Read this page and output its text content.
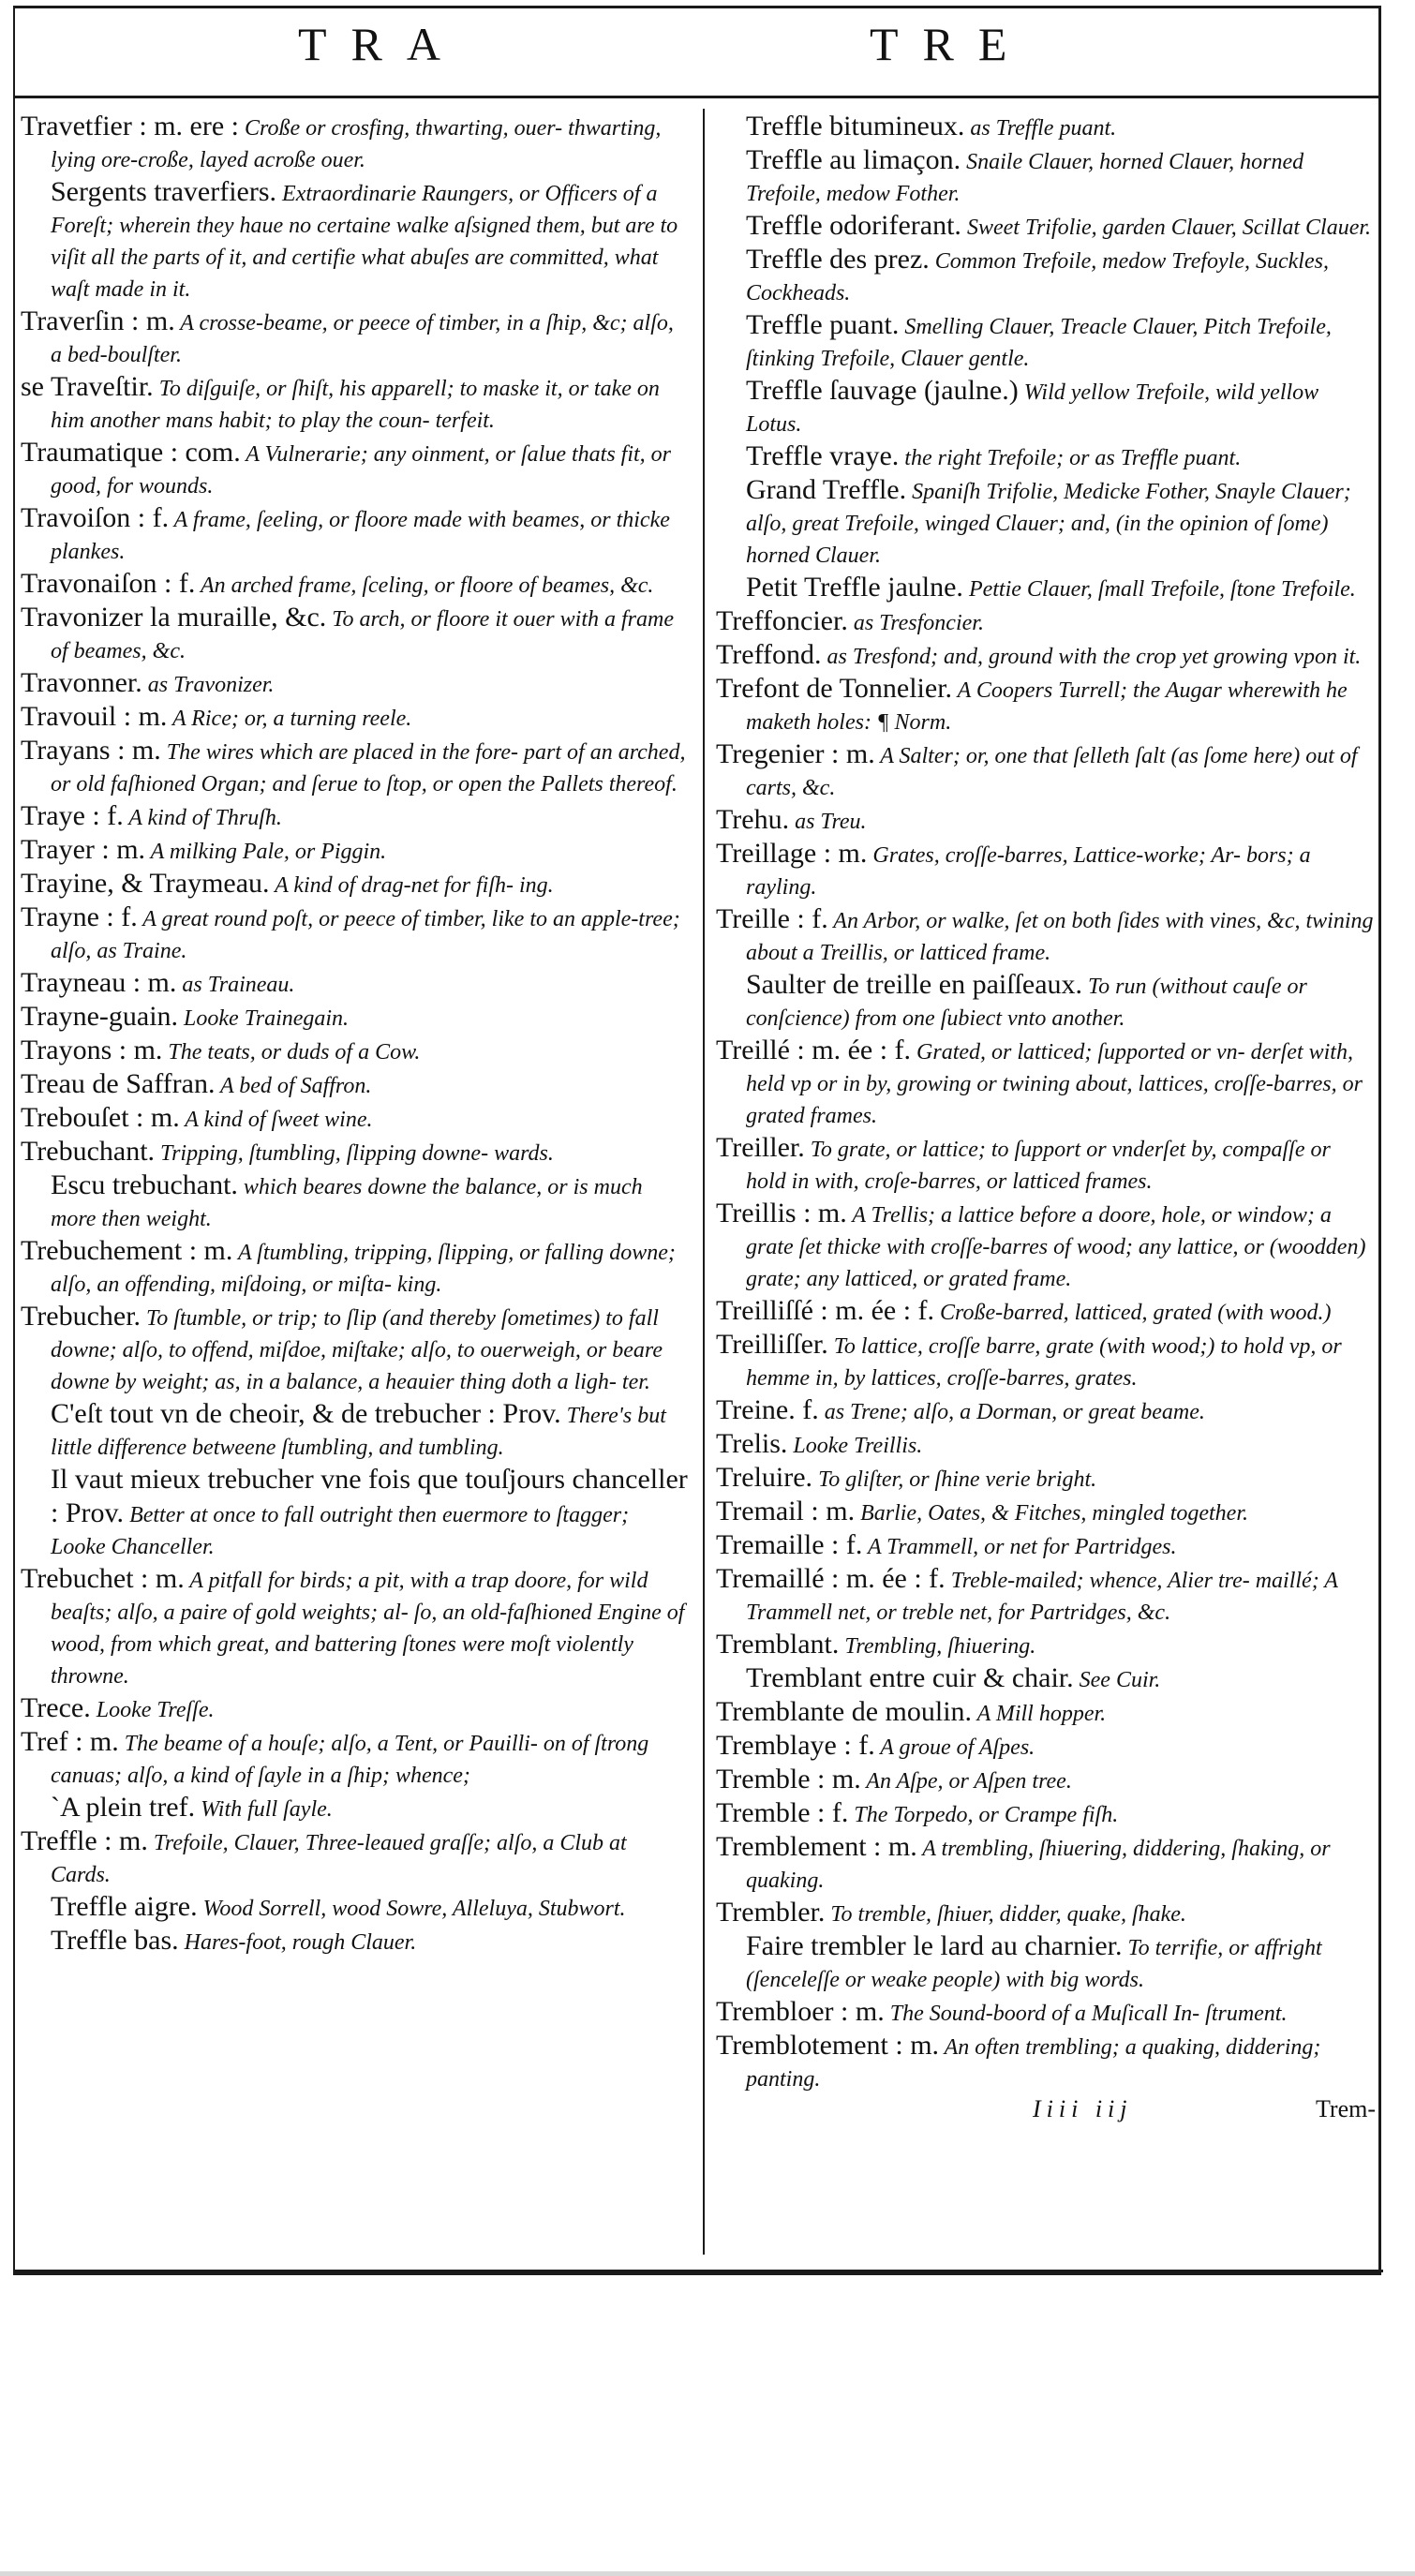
TRA	TRE

Travetfier : m. ere : Croße or crosfing, thwarting, ouer- thwarting, lying ore-croße, layed acroße ouer.

Sergents traverfiers. Extraordinarie Raungers, or Officers of a Foreſt; wherein they haue no certaine walke aſsigned them, but are to viſit all the parts of it, and certifie what abuſes are committed, what waſt made in it.

Traverſin : m. A crosse-beame, or peece of timber, in a ſhip, &c; alſo, a bed-boulſter.

se Traveſtir. To diſguiſe, or ſhiſt, his apparell; to maske it, or take on him another mans habit; to play the coun- terfeit.

Traumatique : com. A Vulnerarie; any oinment, or ſalue thats fit, or good, for wounds.

Travoiſon : f. A frame, ſeeling, or floore made with beames, or thicke plankes.

Travonaiſon : f. An arched frame, ſceling, or floore of beames, &c.

Travonizer la muraille, &c. To arch, or floore it ouer with a frame of beames, &c.

Travonner. as Travonizer.

Travouil : m. A Rice; or, a turning reele.

Trayans : m. The wires which are placed in the fore- part of an arched, or old faſhioned Organ; and ſerue to ſtop, or open the Pallets thereof.

Traye : f. A kind of Thruſh.

Trayer : m. A milking Pale, or Piggin.

Trayine, & Traymeau. A kind of drag-net for fiſh- ing.

Trayne : f. A great round poſt, or peece of timber, like to an apple-tree; alſo, as Traine.

Trayneau : m. as Traineau.

Trayne-guain. Looke Trainegain.

Trayons : m. The teats, or duds of a Cow.

Treau de Saffran. A bed of Saffron.

Trebouſet : m. A kind of ſweet wine.

Trebuchant. Tripping, ſtumbling, ſlipping downe- wards.

Escu trebuchant. which beares downe the balance, or is much more then weight.

Trebuchement : m. A ſtumbling, tripping, ſlipping, or falling downe; alſo, an offending, miſdoing, or miſta- king.

Trebucher. To ſtumble, or trip; to ſlip (and thereby ſometimes) to fall downe; alſo, to offend, miſdoe, miſtake; alſo, to ouerweigh, or beare downe by weight; as, in a balance, a heauier thing doth a ligh- ter.

C'eſt tout vn de cheoir, & de trebucher : Prov. There's but little difference betweene ſtumbling, and tumbling.

Il vaut mieux trebucher vne fois que touſjours chanceller : Prov. Better at once to fall outright then euermore to ſtagger; Looke Chanceller.

Trebuchet : m. A pitfall for birds; a pit, with a trap doore, for wild beaſts; alſo, a paire of gold weights; al- ſo, an old-faſhioned Engine of wood, from which great, and battering ſtones were moſt violently throwne.

Trece. Looke Treſſe.

Tref : m. The beame of a houſe; alſo, a Tent, or Pauilli- on of ſtrong canuas; alſo, a kind of ſayle in a ſhip; whence;

`A plein tref. With full ſayle.

Treffle : m. Trefoile, Clauer, Three-leaued graſſe; alſo, a Club at Cards.

Treffle aigre. Wood Sorrell, wood Sowre, Alleluya, Stubwort.

Treffle bas. Hares-foot, rough Clauer.

Treffle bitumineux. as Treffle puant.

Treffle au limaçon. Snaile Clauer, horned Clauer, horned Trefoile, medow Fother.

Treffle odoriferant. Sweet Trifolie, garden Clauer, Scillat Clauer.

Treffle des prez. Common Trefoile, medow Trefoyle, Suckles, Cockheads.

Treffle puant. Smelling Clauer, Treacle Clauer, Pitch Trefoile, ſtinking Trefoile, Clauer gentle.

Treffle ſauvage (jaulne.) Wild yellow Trefoile, wild yellow Lotus.

Treffle vraye. the right Trefoile; or as Treffle puant.

Grand Treffle. Spaniſh Trifolie, Medicke Fother, Snayle Clauer; alſo, great Trefoile, winged Clauer; and, (in the opinion of ſome) horned Clauer.

Petit Treffle jaulne. Pettie Clauer, ſmall Trefoile, ſtone Trefoile.

Treffoncier. as Tresfoncier.

Treffond. as Tresfond; and, ground with the crop yet growing vpon it.

Trefont de Tonnelier. A Coopers Turrell; the Augar wherewith he maketh holes: ¶ Norm.

Tregenier : m. A Salter; or, one that ſelleth ſalt (as ſome here) out of carts, &c.

Trehu. as Treu.

Treillage : m. Grates, croſſe-barres, Lattice-worke; Ar- bors; a rayling.

Treille : f. An Arbor, or walke, ſet on both ſides with vines, &c, twining about a Treillis, or latticed frame.

Saulter de treille en paiſſeaux. To run (without cauſe or conſcience) from one ſubiect vnto another.

Treillé : m. ée : f. Grated, or latticed; ſupported or vn- derſet with, held vp or in by, growing or twining about, lattices, croſſe-barres, or grated frames.

Treiller. To grate, or lattice; to ſupport or vnderſet by, compaſſe or hold in with, croſe-barres, or latticed frames.

Treillis : m. A Trellis; a lattice before a doore, hole, or window; a grate ſet thicke with croſſe-barres of wood; any lattice, or (woodden) grate; any latticed, or grated frame.

Treilliſſé : m. ée : f. Croße-barred, latticed, grated (with wood.)

Treilliſſer. To lattice, croſſe barre, grate (with wood;) to hold vp, or hemme in, by lattices, croſſe-barres, grates.

Treine. f. as Trene; alſo, a Dorman, or great beame.

Trelis. Looke Treillis.

Treluire. To gliſter, or ſhine verie bright.

Tremail : m. Barlie, Oates, & Fitches, mingled together.

Tremaille : f. A Trammell, or net for Partridges.

Tremaillé : m. ée : f. Treble-mailed; whence, Alier tre- maillé; A Trammell net, or treble net, for Partridges, &c.

Tremblant. Trembling, ſhiuering.

Tremblant entre cuir & chair. See Cuir.

Tremblante de moulin. A Mill hopper.

Tremblaye : f. A groue of Aſpes.

Tremble : m. An Aſpe, or Aſpen tree.

Tremble : f. The Torpedo, or Crampe fiſh.

Tremblement : m. A trembling, ſhiuering, diddering, ſhaking, or quaking.

Trembler. To tremble, ſhiuer, didder, quake, ſhake.

Faire trembler le lard au charnier. To terrifie, or affright (ſenceleſſe or weake people) with big words.

Trembloer : m. The Sound-boord of a Muſicall In- ſtrument.

Tremblotement : m. An often trembling; a quaking, diddering; panting.

Iiii iij	Trem-
